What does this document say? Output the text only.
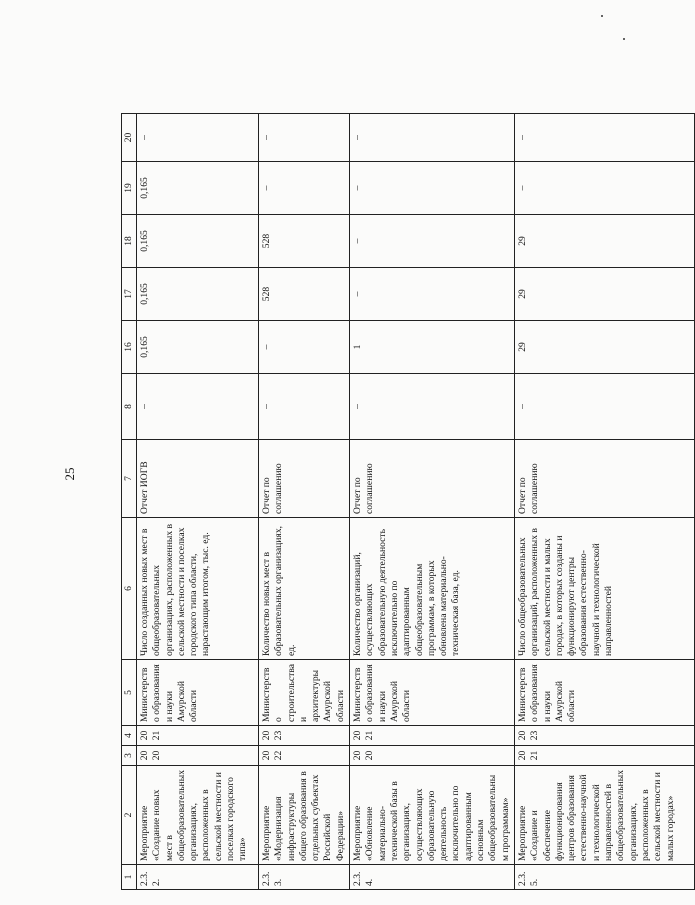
25
1	2	3	4	5	6	7	8	16	17	18	19	20
2.3.2.	Мероприятие «Создание новых мест в общеобразовательных организациях, расположенных в сельской местности и поселках городского типа»	2020	2021	Министерство образования и науки Амурской области	Число созданных новых мест в общеобразовательных организациях, расположенных в сельской местности и поселках городского типа области, нарастающим итогом, тыс. ед.	Отчет ИОГВ	–	0,165	0,165	0,165	0,165	–
2.3.3.	Мероприятие «Модернизация инфраструктуры общего образования в отдельных субъектах Российской Федерации»	2022	2023	Министерство строительства и архитектуры Амурской области	Количество новых мест в образовательных организациях, ед.	Отчет по соглашению	–	–	528	528	–	–
2.3.4.	Мероприятие «Обновление материально-технической базы в организациях, осуществляющих образовательную деятельность исключительно по адаптированным основным общеобразовательным программам»	2020	2021	Министерство образования и науки Амурской области	Количество организаций, осуществляющих образовательную деятельность исключительно по адаптированным общеобразовательным программам, в которых обновлена материально-техническая база, ед.	Отчет по соглашению	–	1	–	–	–	–
2.3.5.	Мероприятие «Создание и обеспечение функционирования центров образования естественно-научной и технологической направленностей в общеобразовательных организациях, расположенных в сельской местности и малых городах»	2021	2023	Министерство образования и науки Амурской области	Число общеобразовательных организаций, расположенных в сельской местности и малых городах, в которых созданы и функционируют центры образования естественно-научной и технологической направленностей	Отчет по соглашению	–	29	29	29	–	–
